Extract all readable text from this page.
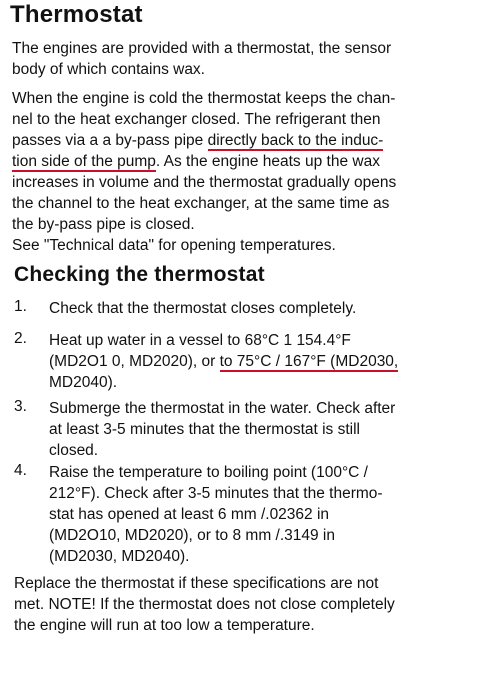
Thermostat

The engines are provided with a thermostat, the sensor
body of which contains wax.

When the engine is cold the thermostat keeps the chan-
nel to the heat exchanger closed. The refrigerant then
passes via a a by-pass pipe directly back to the induc-
tion side of the pump. As the engine heats up the wax
increases in volume and the thermostat gradually opens
the channel to the heat exchanger, at the same time as
the by-pass pipe is closed.

See "Technical data" for opening temperatures.

Checking the thermostat
1.	Check that the thermostat closes completely.
2.	Heat up water in a vessel to 68°C 1 154.4°F
(MD2O1 0, MD2020), or to 75°C / 167°F (MD2030,
MD2040).
3.	Submerge the thermostat in the water. Check after
at least 3-5 minutes that the thermostat is still
closed.
4.	Raise the temperature to boiling point (100°C /
212°F). Check after 3-5 minutes that the thermo-
stat has opened at least 6 mm /.02362 in
(MD2O10, MD2020), or to 8 mm /.3149 in
(MD2030, MD2040).

Replace the thermostat if these specifications are not
met. NOTE! If the thermostat does not close completely
the engine will run at too low a temperature.
